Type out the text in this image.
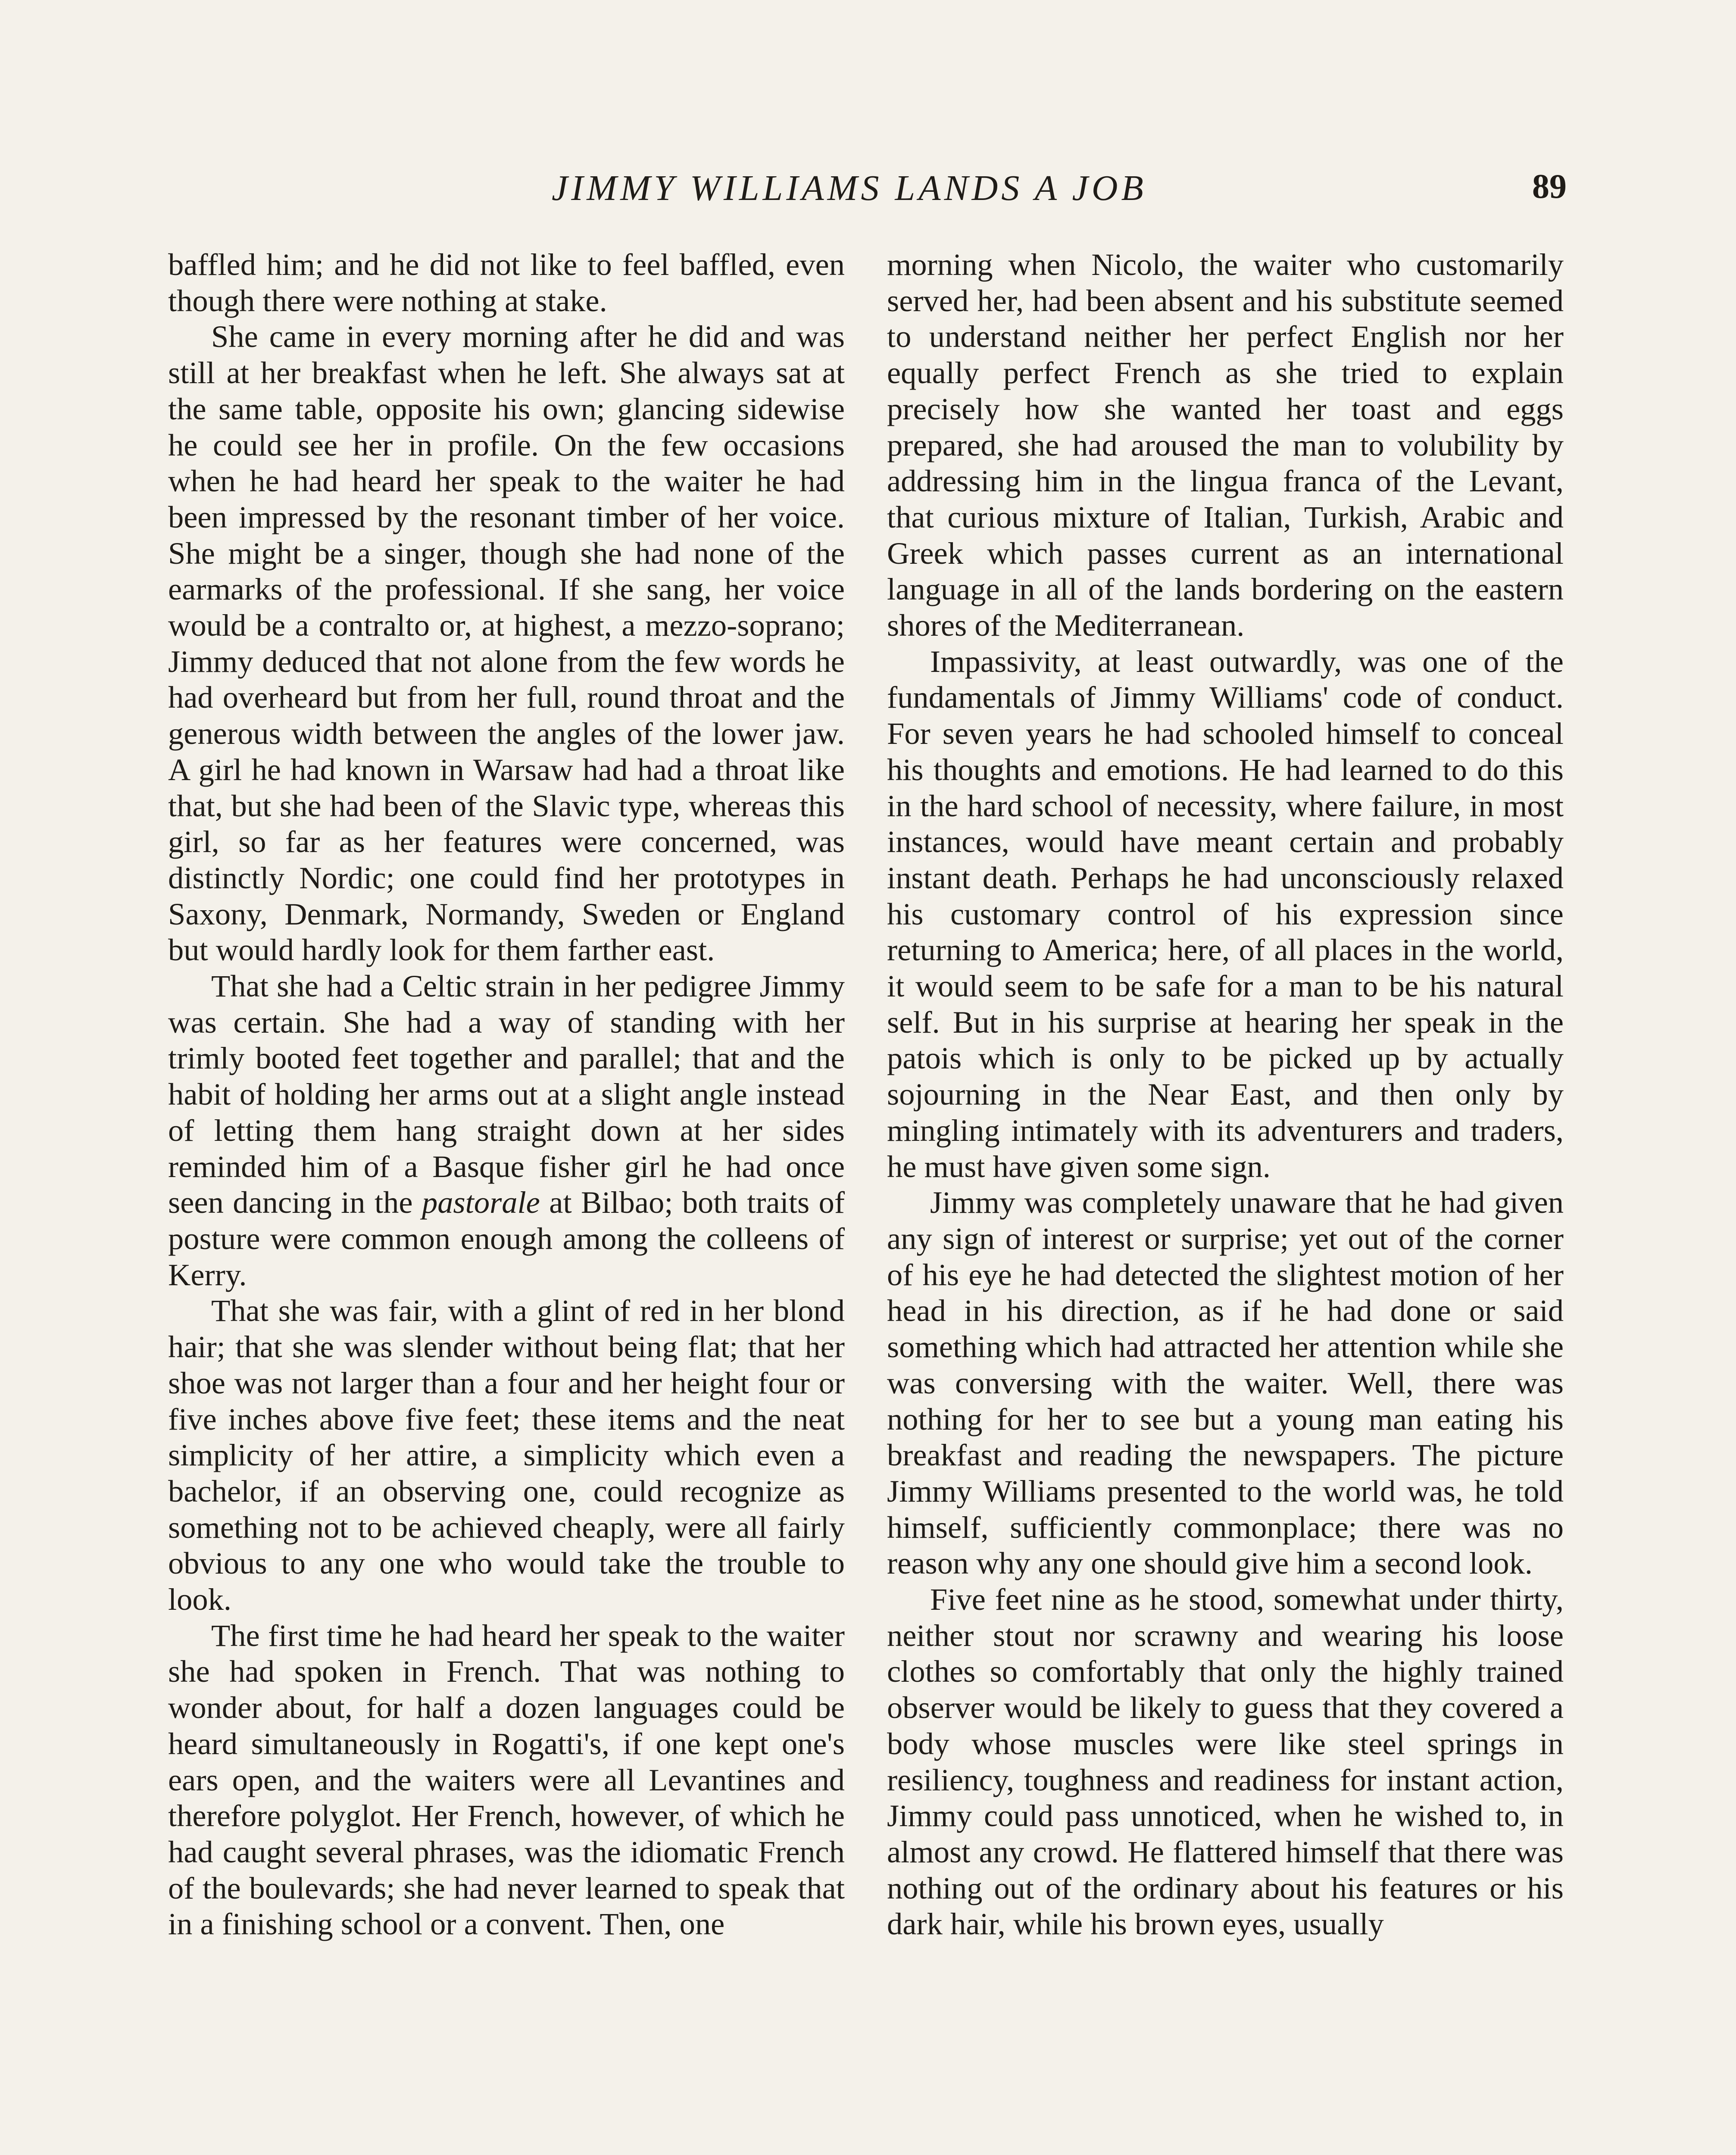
JIMMY WILLIAMS LANDS A JOB	89

baffled him; and he did not like to feel baffled, even though there were nothing at stake.

She came in every morning after he did and was still at her breakfast when he left. She always sat at the same table, opposite his own; glancing sidewise he could see her in profile. On the few occasions when he had heard her speak to the waiter he had been impressed by the resonant timber of her voice. She might be a singer, though she had none of the earmarks of the professional. If she sang, her voice would be a contralto or, at highest, a mezzo-soprano; Jimmy deduced that not alone from the few words he had overheard but from her full, round throat and the generous width between the angles of the lower jaw. A girl he had known in Warsaw had had a throat like that, but she had been of the Slavic type, whereas this girl, so far as her features were concerned, was distinctly Nordic; one could find her prototypes in Saxony, Denmark, Normandy, Sweden or England but would hardly look for them farther east.

That she had a Celtic strain in her pedigree Jimmy was certain. She had a way of standing with her trimly booted feet together and parallel; that and the habit of holding her arms out at a slight angle instead of letting them hang straight down at her sides reminded him of a Basque fisher girl he had once seen dancing in the pastorale at Bilbao; both traits of posture were common enough among the colleens of Kerry.

That she was fair, with a glint of red in her blond hair; that she was slender without being flat; that her shoe was not larger than a four and her height four or five inches above five feet; these items and the neat simplicity of her attire, a simplicity which even a bachelor, if an observing one, could recognize as something not to be achieved cheaply, were all fairly obvious to any one who would take the trouble to look.

The first time he had heard her speak to the waiter she had spoken in French. That was nothing to wonder about, for half a dozen languages could be heard simultaneously in Rogatti's, if one kept one's ears open, and the waiters were all Levantines and therefore polyglot. Her French, however, of which he had caught several phrases, was the idiomatic French of the boulevards; she had never learned to speak that in a finishing school or a convent. Then, one

morning when Nicolo, the waiter who customarily served her, had been absent and his substitute seemed to understand neither her perfect English nor her equally perfect French as she tried to explain precisely how she wanted her toast and eggs prepared, she had aroused the man to volubility by addressing him in the lingua franca of the Levant, that curious mixture of Italian, Turkish, Arabic and Greek which passes current as an international language in all of the lands bordering on the eastern shores of the Mediterranean.

Impassivity, at least outwardly, was one of the fundamentals of Jimmy Williams' code of conduct. For seven years he had schooled himself to conceal his thoughts and emotions. He had learned to do this in the hard school of necessity, where failure, in most instances, would have meant certain and probably instant death. Perhaps he had unconsciously relaxed his customary control of his expression since returning to America; here, of all places in the world, it would seem to be safe for a man to be his natural self. But in his surprise at hearing her speak in the patois which is only to be picked up by actually sojourning in the Near East, and then only by mingling intimately with its adventurers and traders, he must have given some sign.

Jimmy was completely unaware that he had given any sign of interest or surprise; yet out of the corner of his eye he had detected the slightest motion of her head in his direction, as if he had done or said something which had attracted her attention while she was conversing with the waiter. Well, there was nothing for her to see but a young man eating his breakfast and reading the newspapers. The picture Jimmy Williams presented to the world was, he told himself, sufficiently commonplace; there was no reason why any one should give him a second look.

Five feet nine as he stood, somewhat under thirty, neither stout nor scrawny and wearing his loose clothes so comfortably that only the highly trained observer would be likely to guess that they covered a body whose muscles were like steel springs in resiliency, toughness and readiness for instant action, Jimmy could pass unnoticed, when he wished to, in almost any crowd. He flattered himself that there was nothing out of the ordinary about his features or his dark hair, while his brown eyes, usually
